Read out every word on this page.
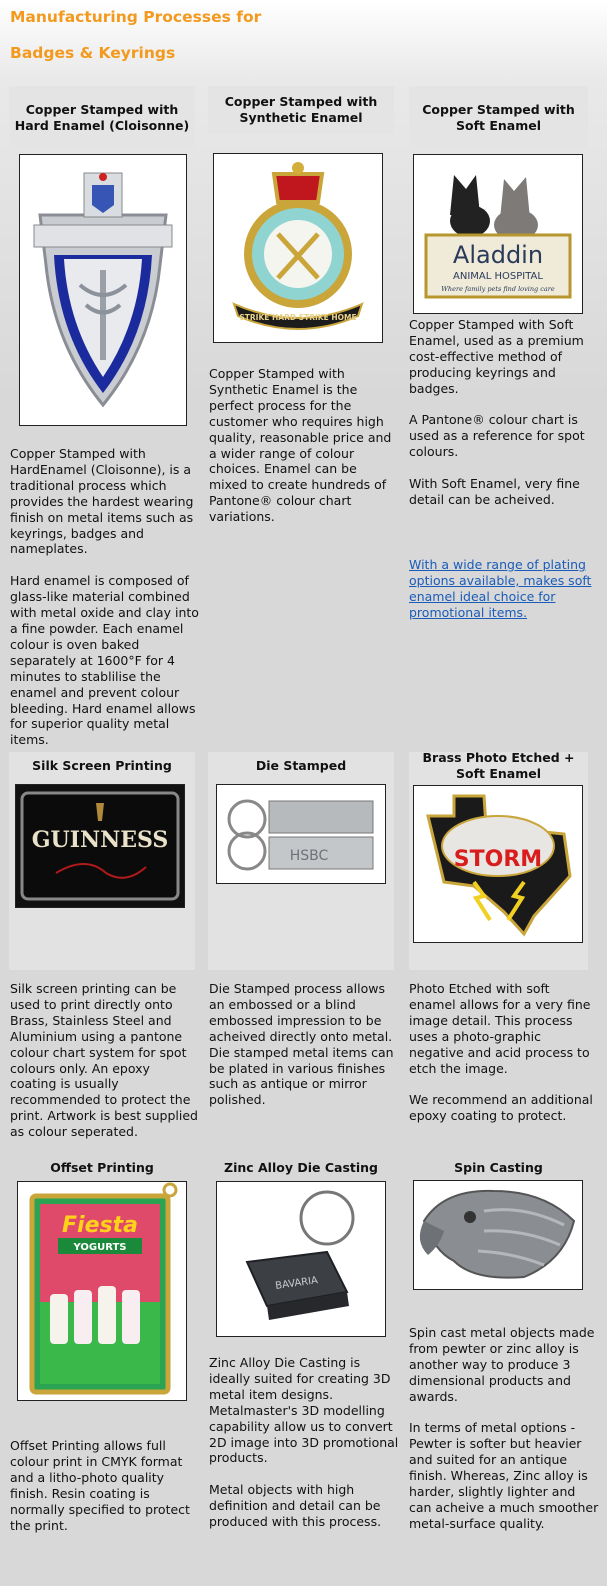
Manufacturing Processes for
Badges & Keyrings
Copper Stamped with Hard Enamel (Cloisonne)
Copper Stamped with HardEnamel (Cloisonne), is a traditional process which provides the hardest wearing finish on metal items such as keyrings, badges and nameplates.

Hard enamel is composed of glass-like material combined with metal oxide and clay into a fine powder. Each enamel colour is oven baked separately at 1600°F for 4 minutes to stablilise the enamel and prevent colour bleeding. Hard enamel allows for superior quality metal items.
Copper Stamped with Synthetic Enamel
STRIKE HARD STRIKE HOME
Copper Stamped with Synthetic Enamel is the perfect process for the customer who requires high quality, reasonable price and a wider range of colour choices. Enamel can be mixed to create hundreds of Pantone® colour chart variations.
Copper Stamped with Soft Enamel
Aladdin
ANIMAL HOSPITAL
Where family pets find loving care
Copper Stamped with Soft Enamel, used as a premium cost-effective method of producing keyrings and badges.

A Pantone® colour chart is used as a reference for spot colours.

With Soft Enamel, very fine detail can be acheived.

With a wide range of plating options available, makes soft enamel ideal choice for promotional items.

Silk Screen Printing
GUINNESS
Silk screen printing can be used to print directly onto Brass, Stainless Steel and Aluminium using a pantone colour chart system for spot colours only. An epoxy coating is usually recommended to protect the print. Artwork is best supplied as colour seperated.
Die Stamped
HSBC
Die Stamped process allows an embossed or a blind embossed impression to be acheived directly onto metal. Die stamped metal items can be plated in various finishes such as antique or mirror polished.
Brass Photo Etched + Soft Enamel
STORM
Photo Etched with soft enamel allows for a very fine image detail. This process uses a photo-graphic negative and acid process to etch the image.

We recommend an additional epoxy coating to protect.
Offset Printing
Fiesta
YOGURTS
Offset Printing allows full colour print in CMYK format and a litho-photo quality finish. Resin coating is normally specified to protect the print.
Zinc Alloy Die Casting
BAVARIA
Zinc Alloy Die Casting is ideally suited for creating 3D metal item designs. Metalmaster's 3D modelling capability allow us to convert 2D image into 3D promotional products.

Metal objects with high definition and detail can be produced with this process.
Spin Casting
Spin cast metal objects made from pewter or zinc alloy is another way to produce 3 dimensional products and awards.

In terms of metal options - Pewter is softer but heavier and suited for an antique finish. Whereas, Zinc alloy is harder, slightly lighter and can acheive a much smoother metal-surface quality.
